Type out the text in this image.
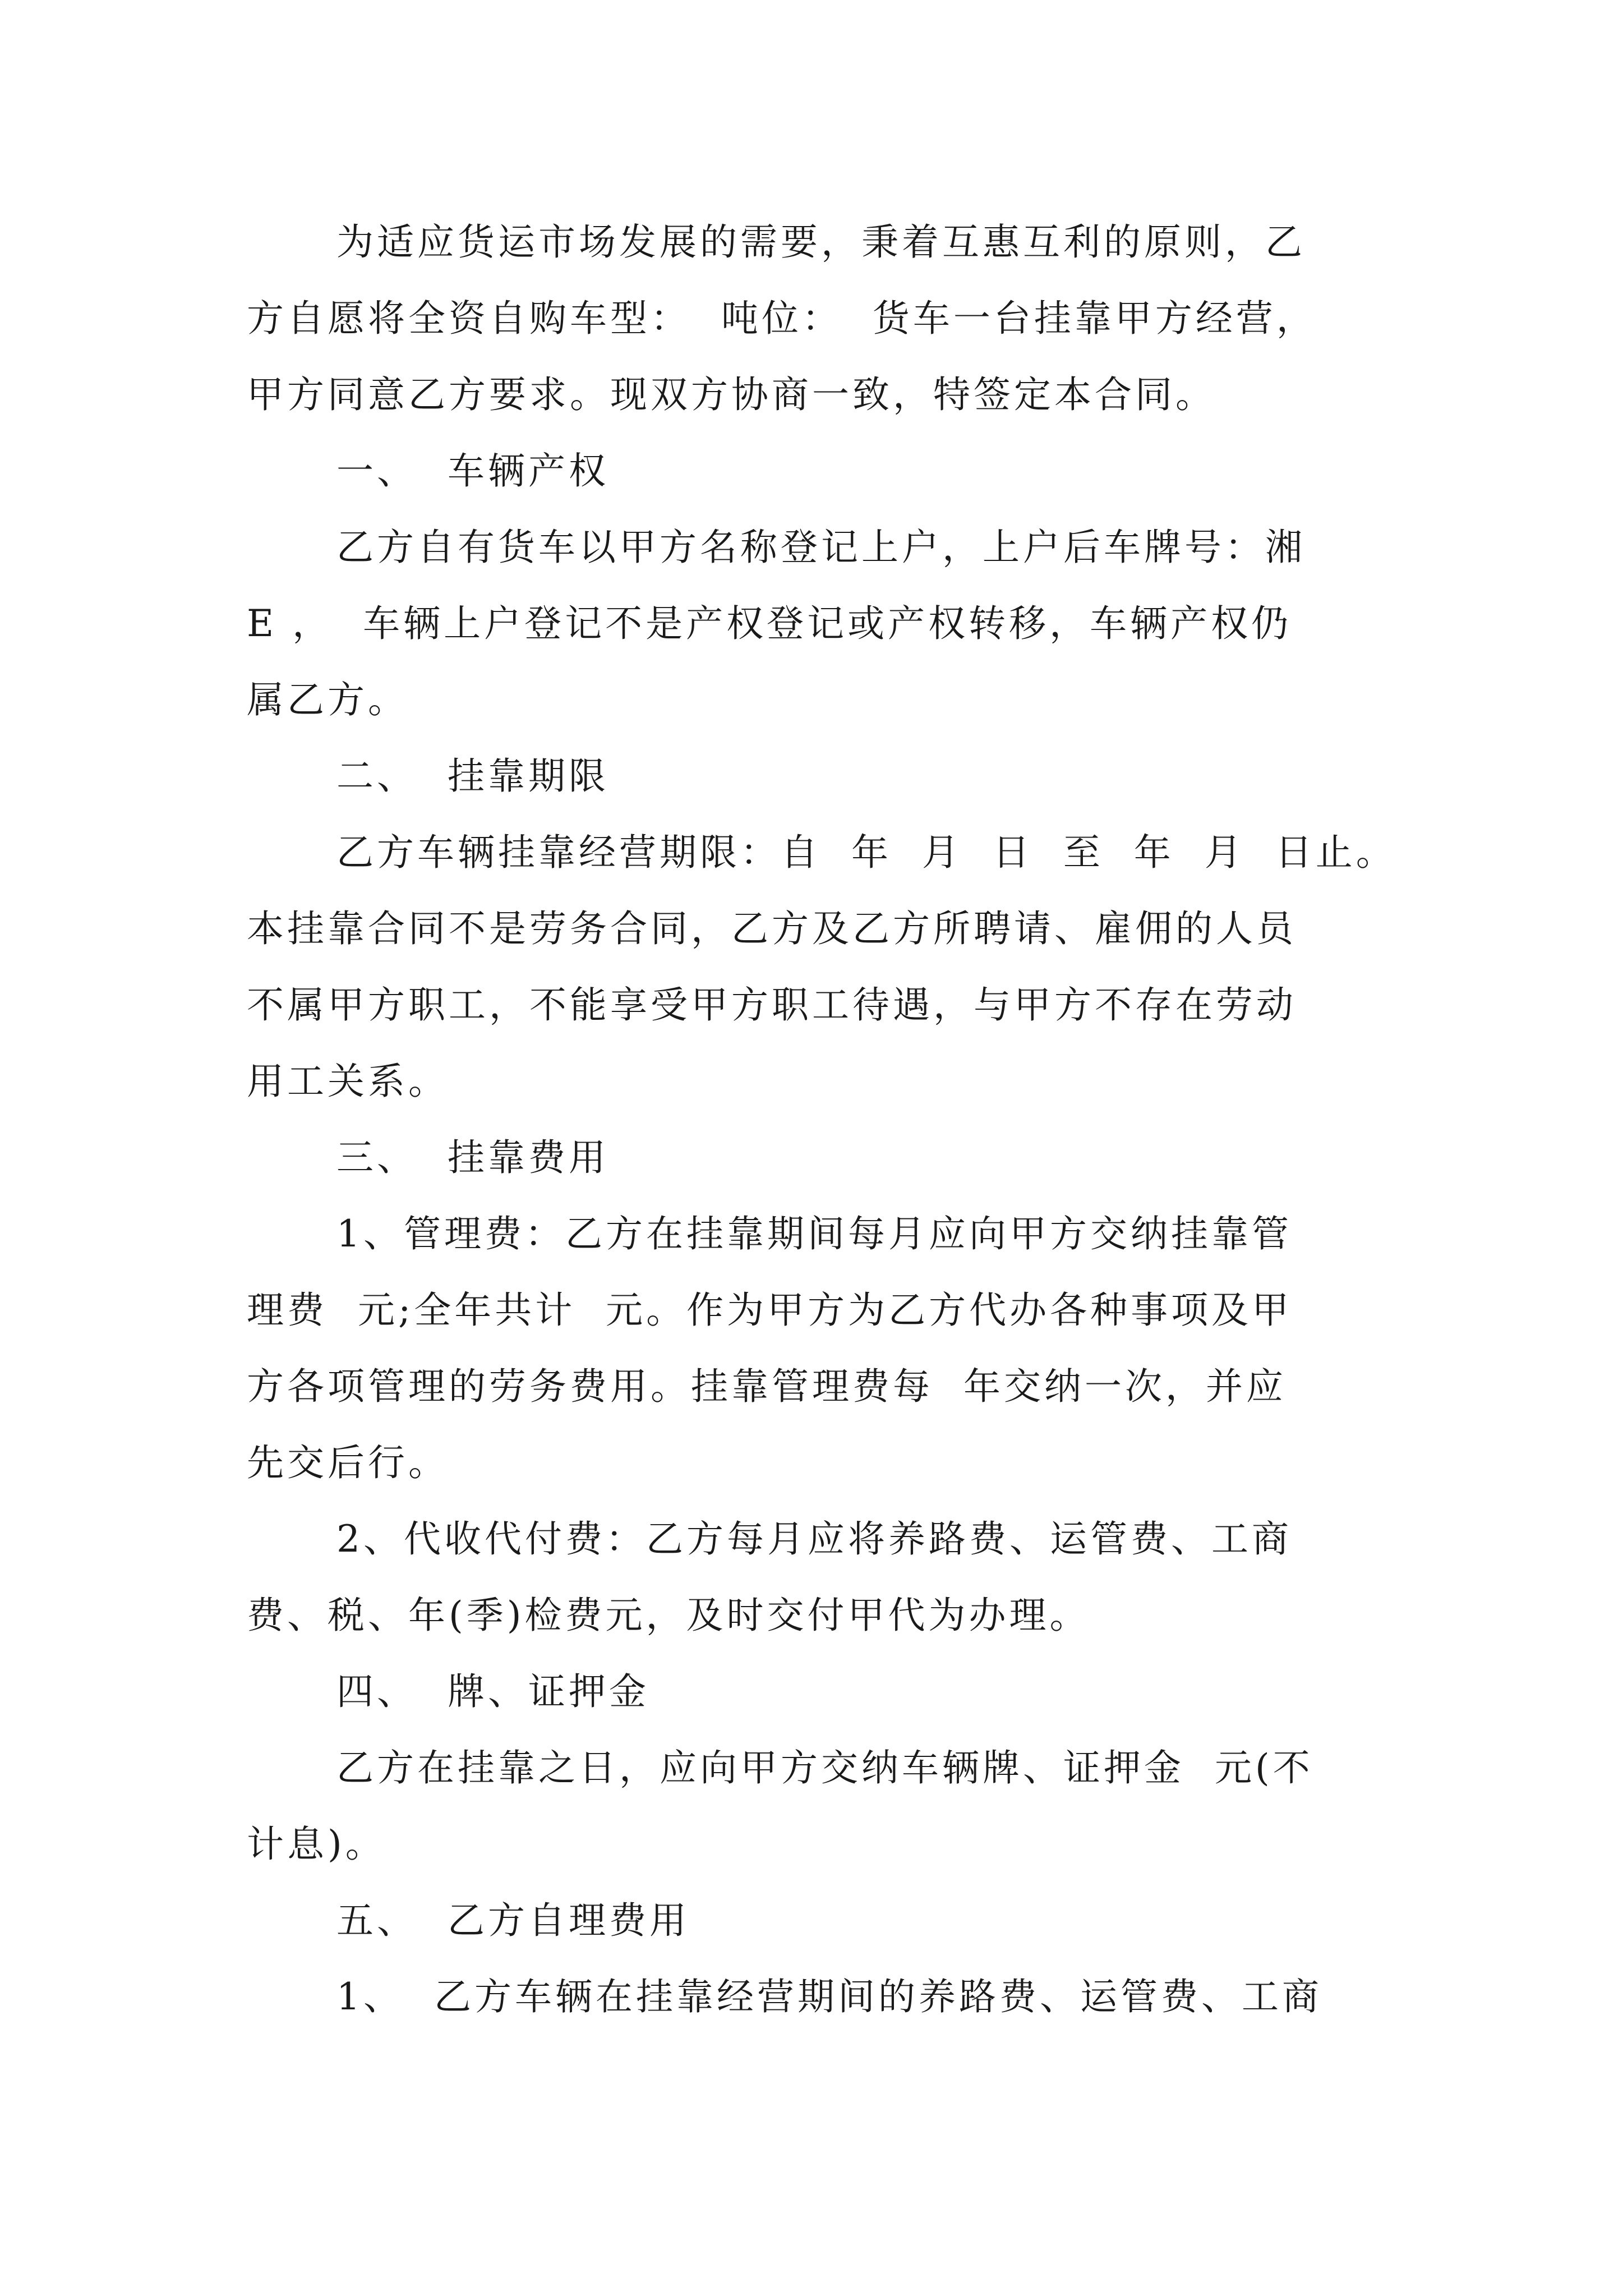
为适应货运市场发展的需要，秉着互惠互利的原则，乙

方自愿将全资自购车型：  吨位：  货车一台挂靠甲方经营，

甲方同意乙方要求。现双方协商一致，特签定本合同。

一、  车辆产权

乙方自有货车以甲方名称登记上户，上户后车牌号：湘

E ，  车辆上户登记不是产权登记或产权转移，车辆产权仍

属乙方。

二、  挂靠期限

乙方车辆挂靠经营期限：自  年  月  日  至  年  月  日止。

本挂靠合同不是劳务合同，乙方及乙方所聘请、雇佣的人员

不属甲方职工，不能享受甲方职工待遇，与甲方不存在劳动

用工关系。

三、  挂靠费用

1、管理费：乙方在挂靠期间每月应向甲方交纳挂靠管

理费  元;全年共计  元。作为甲方为乙方代办各种事项及甲

方各项管理的劳务费用。挂靠管理费每  年交纳一次，并应

先交后行。

2、代收代付费：乙方每月应将养路费、运管费、工商

费、税、年(季)检费元，及时交付甲代为办理。

四、  牌、证押金

乙方在挂靠之日，应向甲方交纳车辆牌、证押金  元(不

计息)。

五、  乙方自理费用

1、  乙方车辆在挂靠经营期间的养路费、运管费、工商
